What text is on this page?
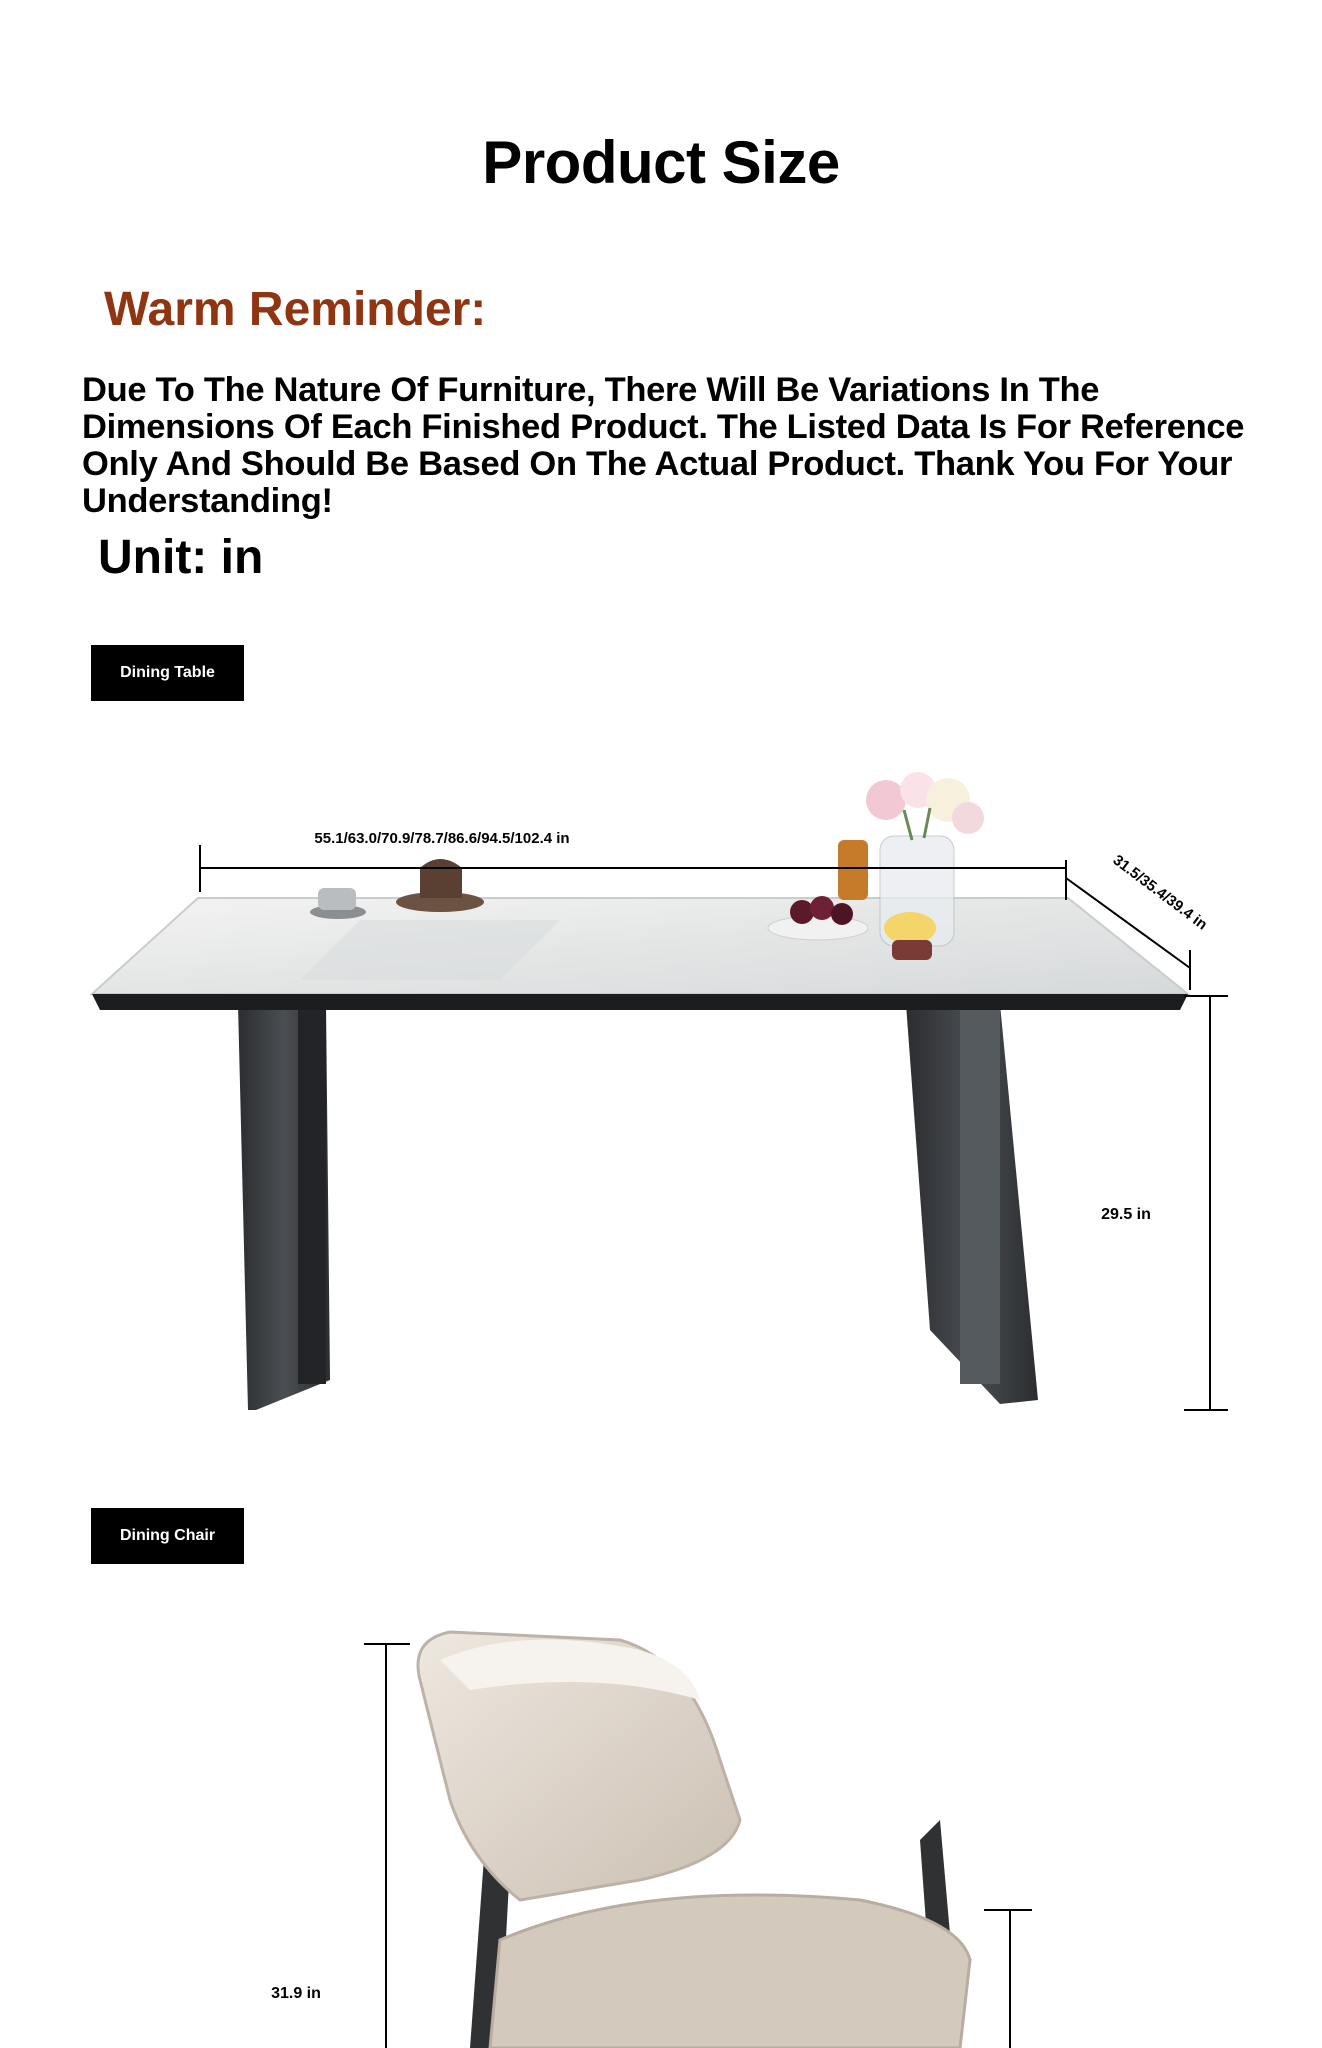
Product Size
Warm Reminder:
Due To The Nature Of Furniture, There Will Be Variations In The Dimensions Of Each Finished Product. The Listed Data Is For Reference Only And Should Be Based On The Actual Product. Thank You For Your Understanding!
Unit: in
55.1/63.0/70.9/78.7/86.6/94.5/102.4 in
31.5/35.4/39.4 in
29.5 in
31.9 in
Dining Table
Dining Chair
